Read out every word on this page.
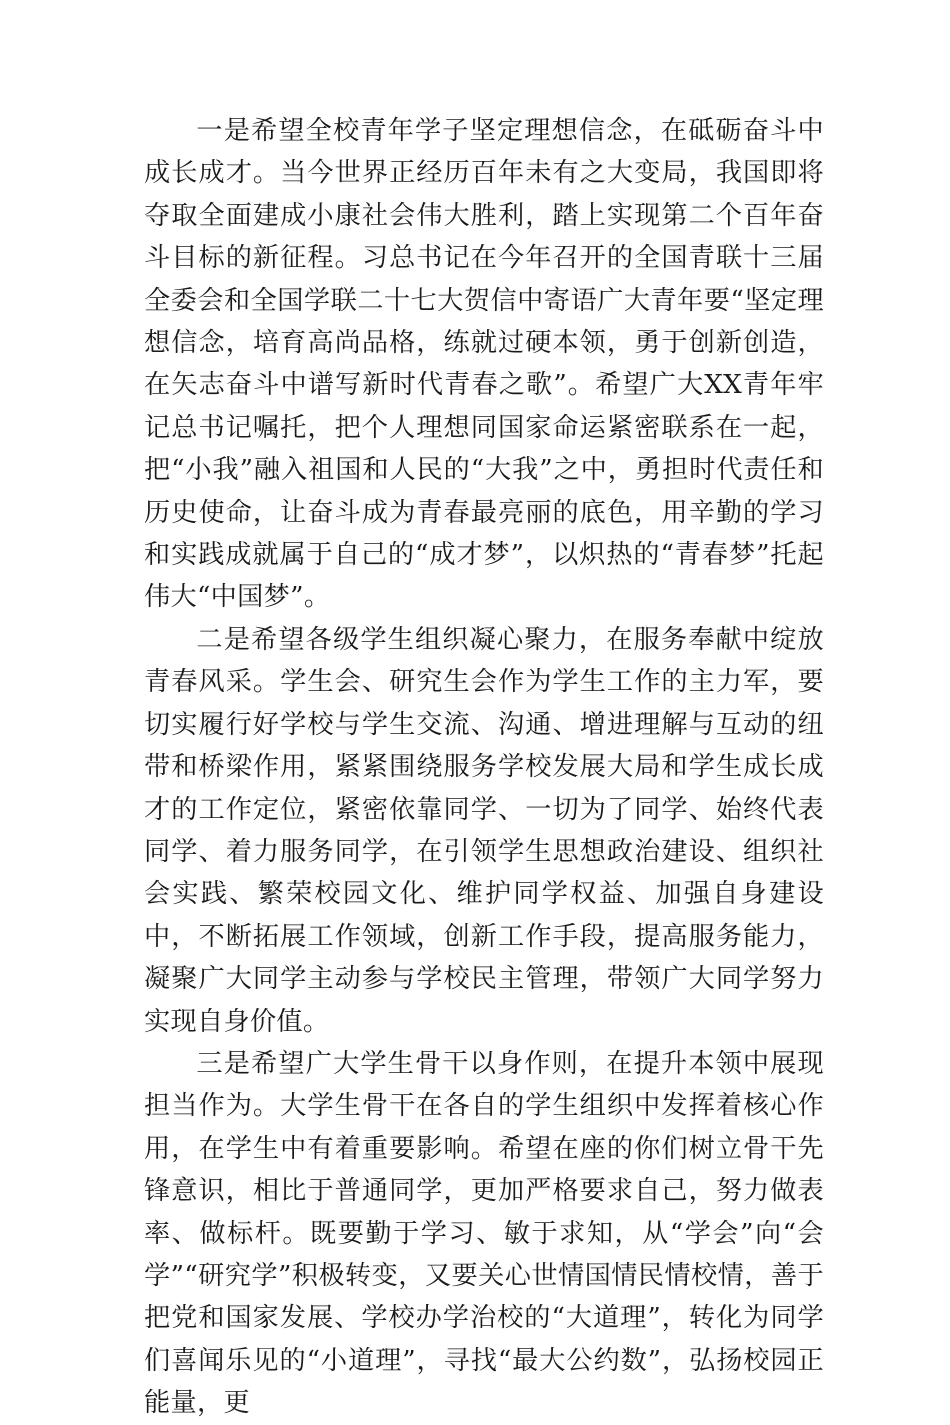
一是希望全校青年学子坚定理想信念，在砥砺奋斗中成长成才。当今世界正经历百年未有之大变局，我国即将夺取全面建成小康社会伟大胜利，踏上实现第二个百年奋斗目标的新征程。习总书记在今年召开的全国青联十三届全委会和全国学联二十七大贺信中寄语广大青年要“坚定理想信念，培育高尚品格，练就过硬本领，勇于创新创造，在矢志奋斗中谱写新时代青春之歌”。希望广大XX青年牢记总书记嘱托，把个人理想同国家命运紧密联系在一起，把“小我”融入祖国和人民的“大我”之中，勇担时代责任和历史使命，让奋斗成为青春最亮丽的底色，用辛勤的学习和实践成就属于自己的“成才梦”，以炽热的“青春梦”托起伟大“中国梦”。

二是希望各级学生组织凝心聚力，在服务奉献中绽放青春风采。学生会、研究生会作为学生工作的主力军，要切实履行好学校与学生交流、沟通、增进理解与互动的纽带和桥梁作用，紧紧围绕服务学校发展大局和学生成长成才的工作定位，紧密依靠同学、一切为了同学、始终代表同学、着力服务同学，在引领学生思想政治建设、组织社会实践、繁荣校园文化、维护同学权益、加强自身建设中，不断拓展工作领域，创新工作手段，提高服务能力，凝聚广大同学主动参与学校民主管理，带领广大同学努力实现自身价值。

三是希望广大学生骨干以身作则，在提升本领中展现担当作为。大学生骨干在各自的学生组织中发挥着核心作用，在学生中有着重要影响。希望在座的你们树立骨干先锋意识，相比于普通同学，更加严格要求自己，努力做表率、做标杆。既要勤于学习、敏于求知，从“学会”向“会学”“研究学”积极转变，又要关心世情国情民情校情，善于把党和国家发展、学校办学治校的“大道理”，转化为同学们喜闻乐见的“小道理”，寻找“最大公约数”，弘扬校园正能量，更
